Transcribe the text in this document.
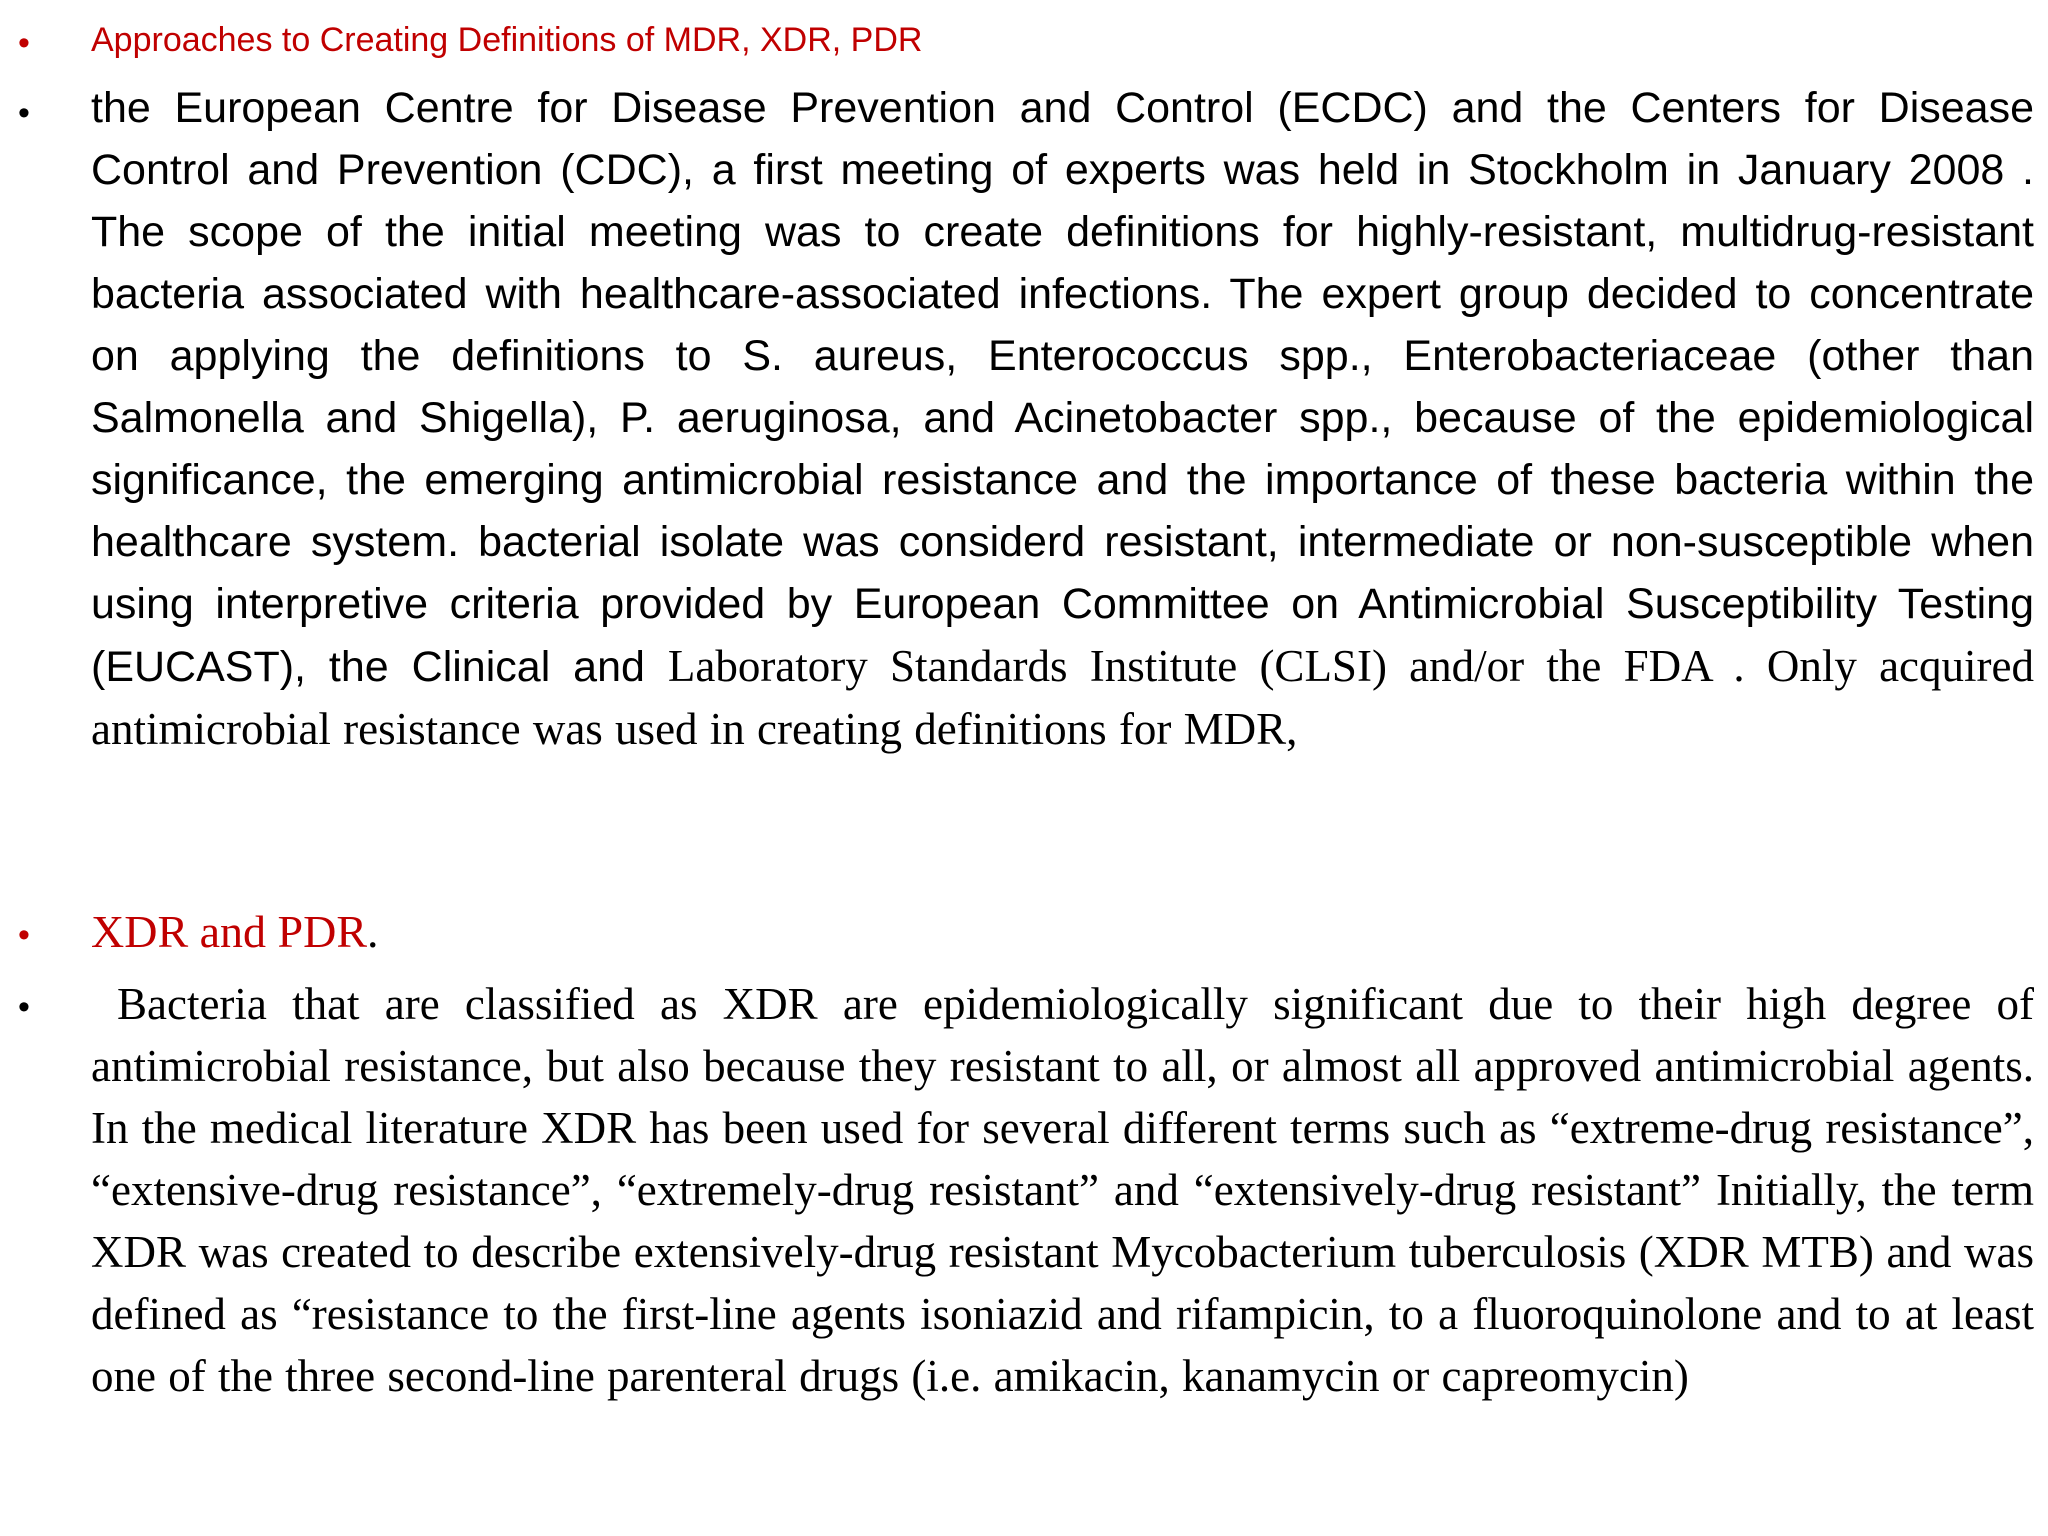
• Approaches to Creating Definitions of MDR, XDR, PDR
• the European Centre for Disease Prevention and Control (ECDC) and the Centers for Disease Control and Prevention (CDC), a first meeting of experts was held in Stockholm in January 2008 . The scope of the initial meeting was to create definitions for highly-resistant, multidrug-resistant bacteria associated with healthcare-associated infections. The expert group decided to concentrate on applying the definitions to S. aureus, Enterococcus spp., Enterobacteriaceae (other than Salmonella and Shigella), P. aeruginosa, and Acinetobacter spp., because of the epidemiological significance, the emerging antimicrobial resistance and the importance of these bacteria within the healthcare system. bacterial isolate was considerd resistant, intermediate or non-susceptible when using interpretive criteria provided by European Committee on Antimicrobial Susceptibility Testing (EUCAST), the Clinical and Laboratory Standards Institute (CLSI) and/or the FDA . Only acquired antimicrobial resistance was used in creating definitions for MDR,

• XDR and PDR.
•	Bacteria that are classified as XDR are epidemiologically significant due to their high degree of antimicrobial resistance, but also because they resistant to all, or almost all approved antimicrobial agents. In the medical literature XDR has been used for several different terms such as “extreme-drug resistance”, “extensive-drug resistance”, “extremely-drug resistant” and “extensively-drug resistant” Initially, the term XDR was created to describe extensively-drug resistant Mycobacterium tuberculosis (XDR MTB) and was defined as “resistance to the first-line agents isoniazid and rifampicin, to a fluoroquinolone and to at least one of the three second-line parenteral drugs (i.e. amikacin, kanamycin or capreomycin)
